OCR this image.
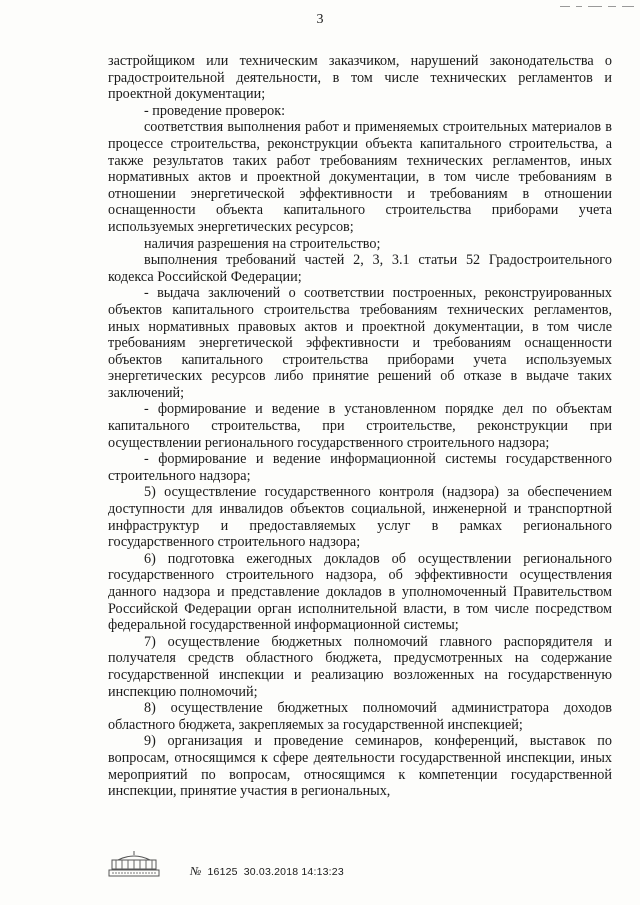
3

застройщиком или техническим заказчиком, нарушений законодательства о градостроительной деятельности, в том числе технических регламентов и проектной документации;

- проведение проверок:

соответствия выполнения работ и применяемых строительных материалов в процессе строительства, реконструкции объекта капитального строительства, а также результатов таких работ требованиям технических регламентов, иных нормативных актов и проектной документации, в том числе требованиям в отношении энергетической эффективности и требованиям в отношении оснащенности объекта капитального строительства приборами учета используемых энергетических ресурсов;

наличия разрешения на строительство;

выполнения требований частей 2, 3, 3.1 статьи 52 Градостроительного кодекса Российской Федерации;

- выдача заключений о соответствии построенных, реконструированных объектов капитального строительства требованиям технических регламентов, иных нормативных правовых актов и проектной документации, в том числе требованиям энергетической эффективности и требованиям оснащенности объектов капитального строительства приборами учета используемых энергетических ресурсов либо принятие решений об отказе в выдаче таких заключений;

- формирование и ведение в установленном порядке дел по объектам капитального строительства, при строительстве, реконструкции при осуществлении регионального государственного строительного надзора;

- формирование и ведение информационной системы государственного строительного надзора;

5) осуществление государственного контроля (надзора) за обеспечением доступности для инвалидов объектов социальной, инженерной и транспортной инфраструктур и предоставляемых услуг в рамках регионального государственного строительного надзора;

6) подготовка ежегодных докладов об осуществлении регионального государственного строительного надзора, об эффективности осуществления данного надзора и представление докладов в уполномоченный Правительством Российской Федерации орган исполнительной власти, в том числе посредством федеральной государственной информационной системы;

7) осуществление бюджетных полномочий главного распорядителя и получателя средств областного бюджета, предусмотренных на содержание государственной инспекции и реализацию возложенных на государственную инспекцию полномочий;

8) осуществление бюджетных полномочий администратора доходов областного бюджета, закрепляемых за государственной инспекцией;

9) организация и проведение семинаров, конференций, выставок по вопросам, относящимся к сфере деятельности государственной инспекции, иных мероприятий по вопросам, относящимся к компетенции государственной инспекции, принятие участия в региональных,

№ 16125 30.03.2018 14:13:23
